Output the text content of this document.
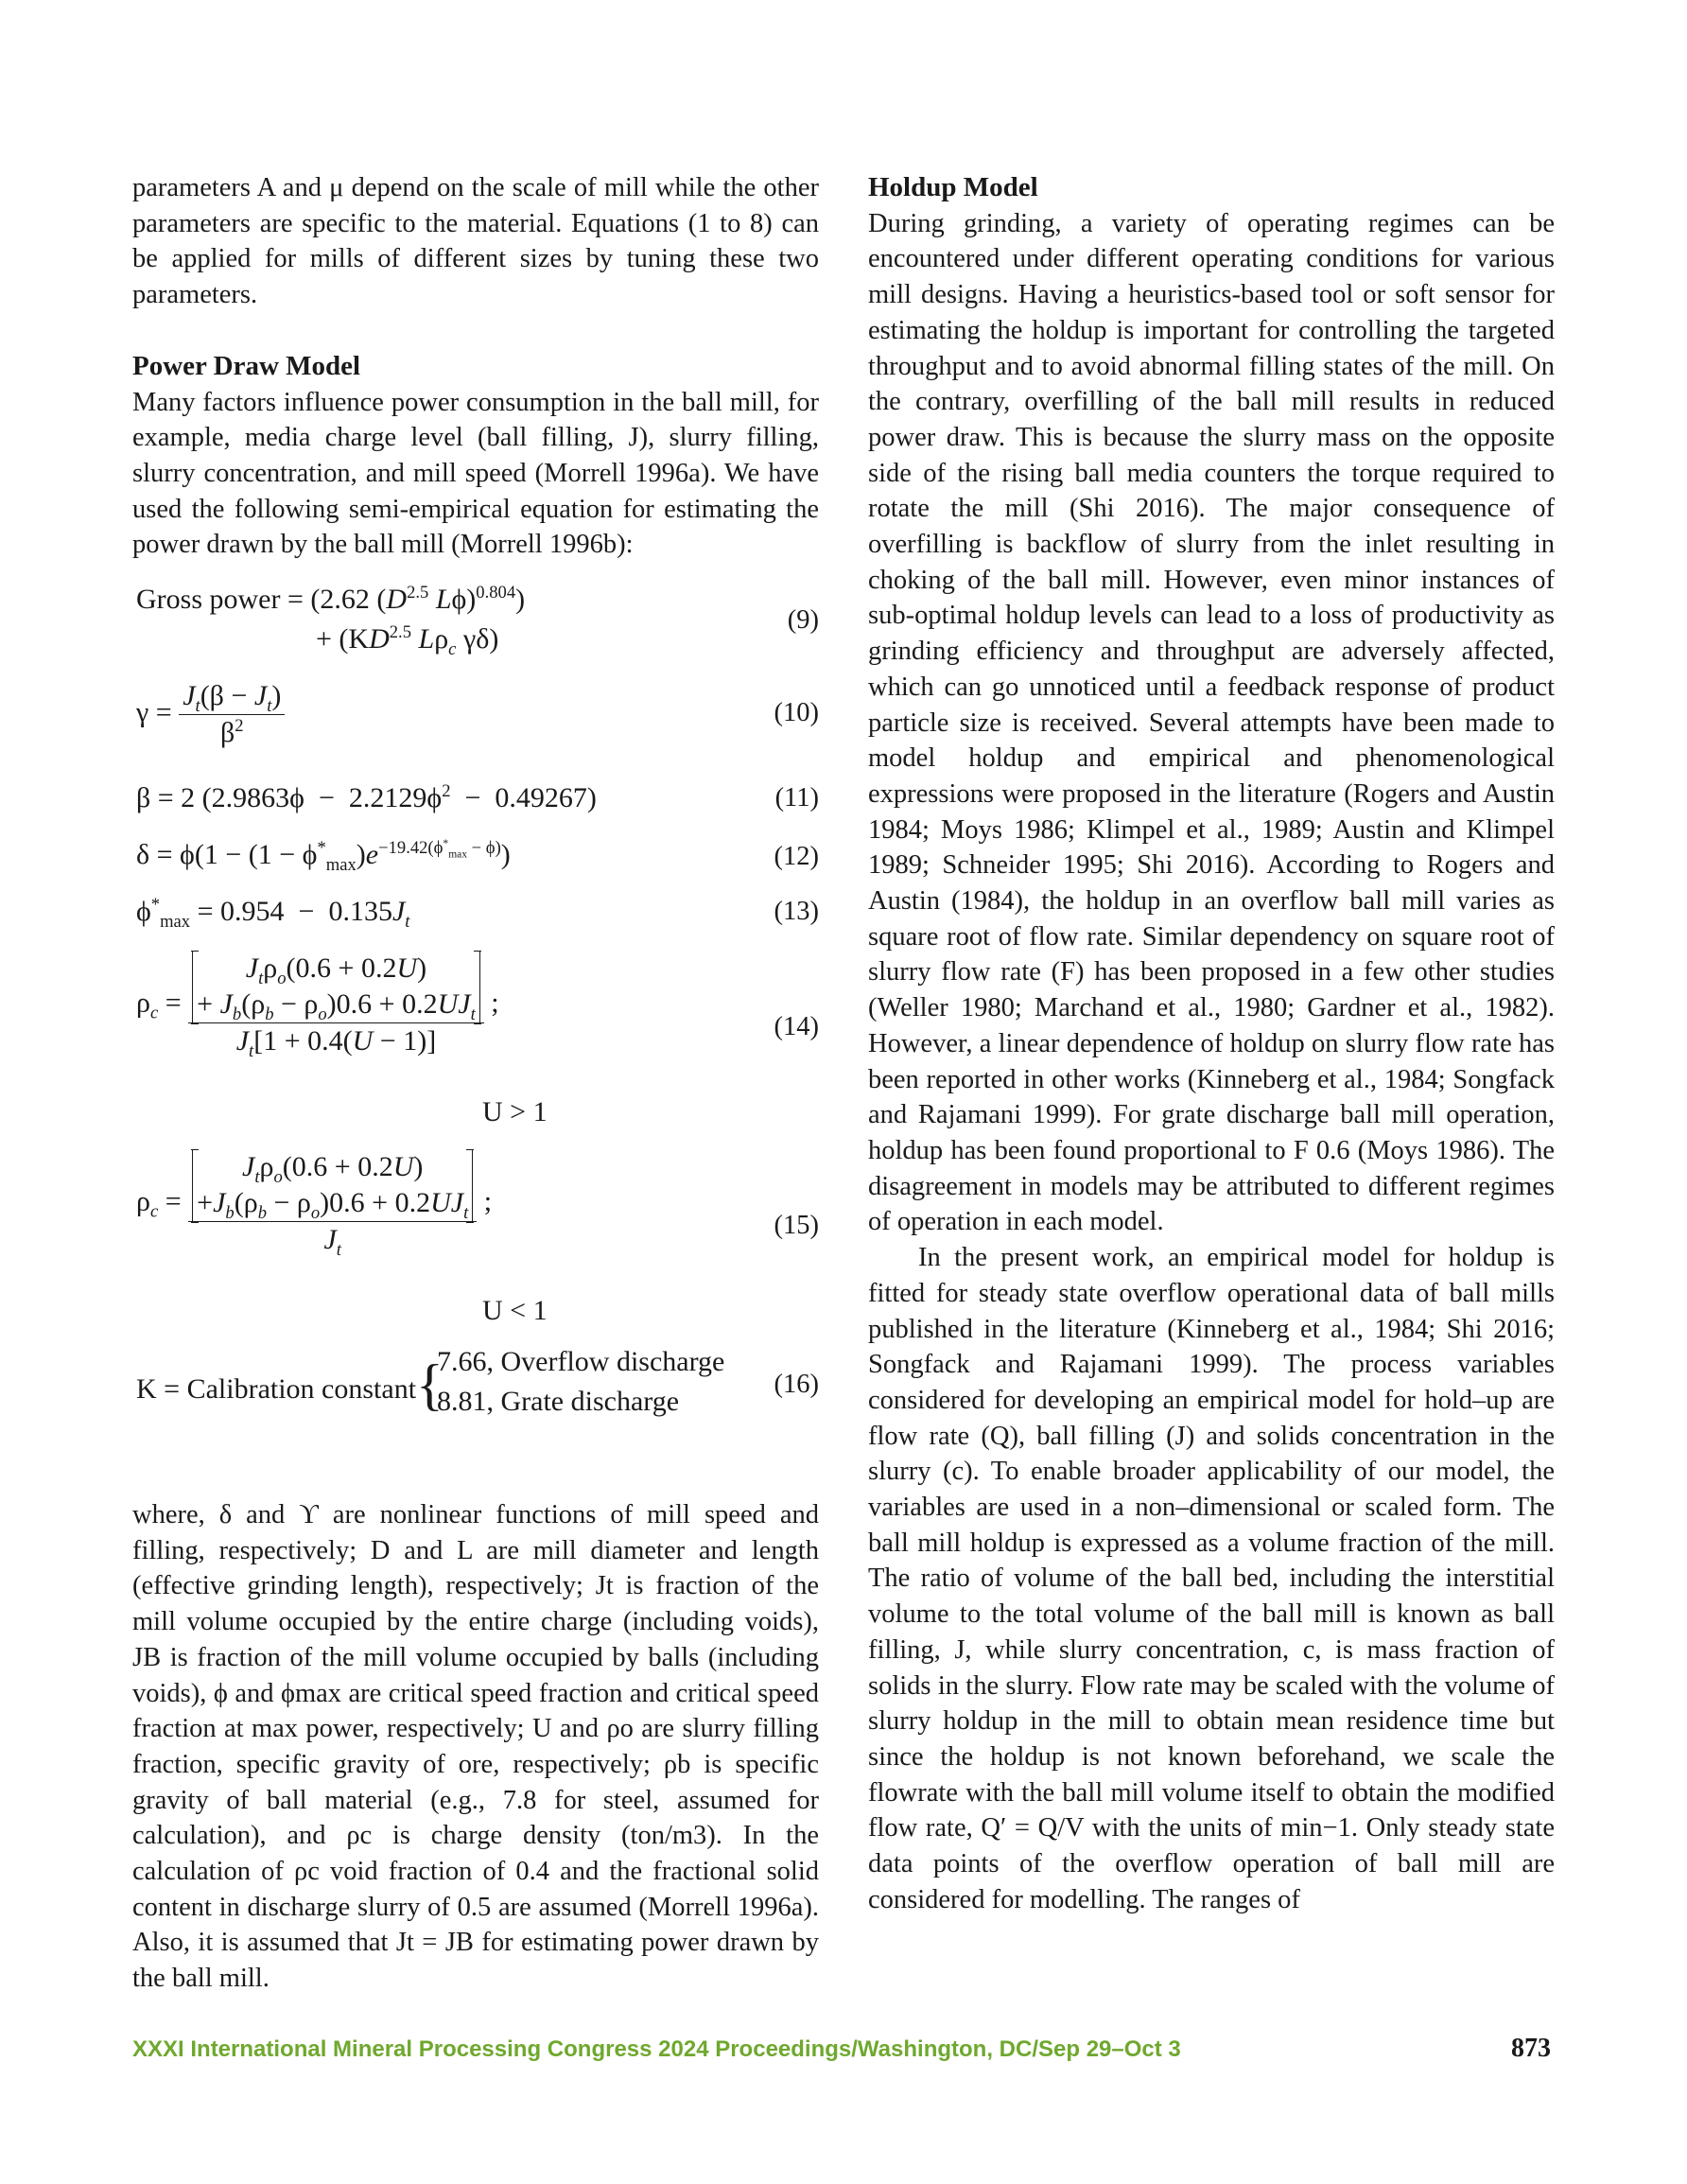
parameters A and μ depend on the scale of mill while the other parameters are specific to the material. Equations (1 to 8) can be applied for mills of different sizes by tuning these two parameters.

Power Draw Model

Many factors influence power consumption in the ball mill, for example, media charge level (ball filling, J), slurry filling, slurry concentration, and mill speed (Morrell 1996a). We have used the following semi-empirical equation for estimating the power drawn by the ball mill (Morrell 1996b):

Gross power = (2.62 ($D^{2.5}$ Lϕ)$^{0.804}$)
+ ($KD^{2.5}$ $L\rho_c$ γδ)
(9)
$\gamma = \frac{J_t(\beta - J_t)}{\beta^2}$	(10)
β = 2 $(2.9863\phi - 2.2129\phi^2 - 0.49267)$	(11)
$\delta = \phi(1 - (1 - \phi^*_{max})e^{-19.42(\phi^*_{max} - \phi)})$	(12)
$\phi^*_{max} = 0.954 - 0.135J_t$	(13)
$\rho_c$ =
$J_t\rho_o(0.6 + 0.2U)$
+ $J_b(\rho_b - \rho_o)0.6 + 0.2UJ_t$
$J_t[1 + 0.4(U - 1)]$
;
(14)
U > 1
$\rho_c$ =
$J_t\rho_o(0.6 + 0.2U)$
$+J_b(\rho_b - \rho_o)0.6 + 0.2UJ_t$
$J_t$
;
(15)
U < 1
K = Calibration constant{
7.66, Overflow discharge
8.81, Grate discharge
(16)

where, δ and ϒ are nonlinear functions of mill speed and filling, respectively; D and L are mill diameter and length (effective grinding length), respectively; Jt is fraction of the mill volume occupied by the entire charge (including voids), JB is fraction of the mill volume occupied by balls (including voids), ϕ and ϕmax are critical speed fraction and critical speed fraction at max power, respectively; U and ρo are slurry filling fraction, specific gravity of ore, respectively; ρb is specific gravity of ball material (e.g., 7.8 for steel, assumed for calculation), and ρc is charge density (ton/m3). In the calculation of ρc void fraction of 0.4 and the fractional solid content in discharge slurry of 0.5 are assumed (Morrell 1996a). Also, it is assumed that Jt = JB for estimating power drawn by the ball mill.

Holdup Model

During grinding, a variety of operating regimes can be encountered under different operating conditions for various mill designs. Having a heuristics-based tool or soft sensor for estimating the holdup is important for controlling the targeted throughput and to avoid abnormal filling states of the mill. On the contrary, overfilling of the ball mill results in reduced power draw. This is because the slurry mass on the opposite side of the rising ball media counters the torque required to rotate the mill (Shi 2016). The major consequence of overfilling is backflow of slurry from the inlet resulting in choking of the ball mill. However, even minor instances of sub-optimal holdup levels can lead to a loss of productivity as grinding efficiency and throughput are adversely affected, which can go unnoticed until a feedback response of product particle size is received. Several attempts have been made to model holdup and empirical and phenomenological expressions were proposed in the literature (Rogers and Austin 1984; Moys 1986; Klimpel et al., 1989; Austin and Klimpel 1989; Schneider 1995; Shi 2016). According to Rogers and Austin (1984), the holdup in an overflow ball mill varies as square root of flow rate. Similar dependency on square root of slurry flow rate (F) has been proposed in a few other studies (Weller 1980; Marchand et al., 1980; Gardner et al., 1982). However, a linear dependence of holdup on slurry flow rate has been reported in other works (Kinneberg et al., 1984; Songfack and Rajamani 1999). For grate discharge ball mill operation, holdup has been found proportional to F 0.6 (Moys 1986). The disagreement in models may be attributed to different regimes of operation in each model.

In the present work, an empirical model for holdup is fitted for steady state overflow operational data of ball mills published in the literature (Kinneberg et al., 1984; Shi 2016; Songfack and Rajamani 1999). The process variables considered for developing an empirical model for hold–up are flow rate (Q), ball filling (J) and solids concentration in the slurry (c). To enable broader applicability of our model, the variables are used in a non–dimensional or scaled form. The ball mill holdup is expressed as a volume fraction of the mill. The ratio of volume of the ball bed, including the interstitial volume to the total volume of the ball mill is known as ball filling, J, while slurry concentration, c, is mass fraction of solids in the slurry. Flow rate may be scaled with the volume of slurry holdup in the mill to obtain mean residence time but since the holdup is not known beforehand, we scale the flowrate with the ball mill volume itself to obtain the modified flow rate, Q′ = Q/V with the units of min−1. Only steady state data points of the overflow operation of ball mill are considered for modelling. The ranges of

XXXI International Mineral Processing Congress 2024 Proceedings/Washington, DC/Sep 29–Oct 3	873
